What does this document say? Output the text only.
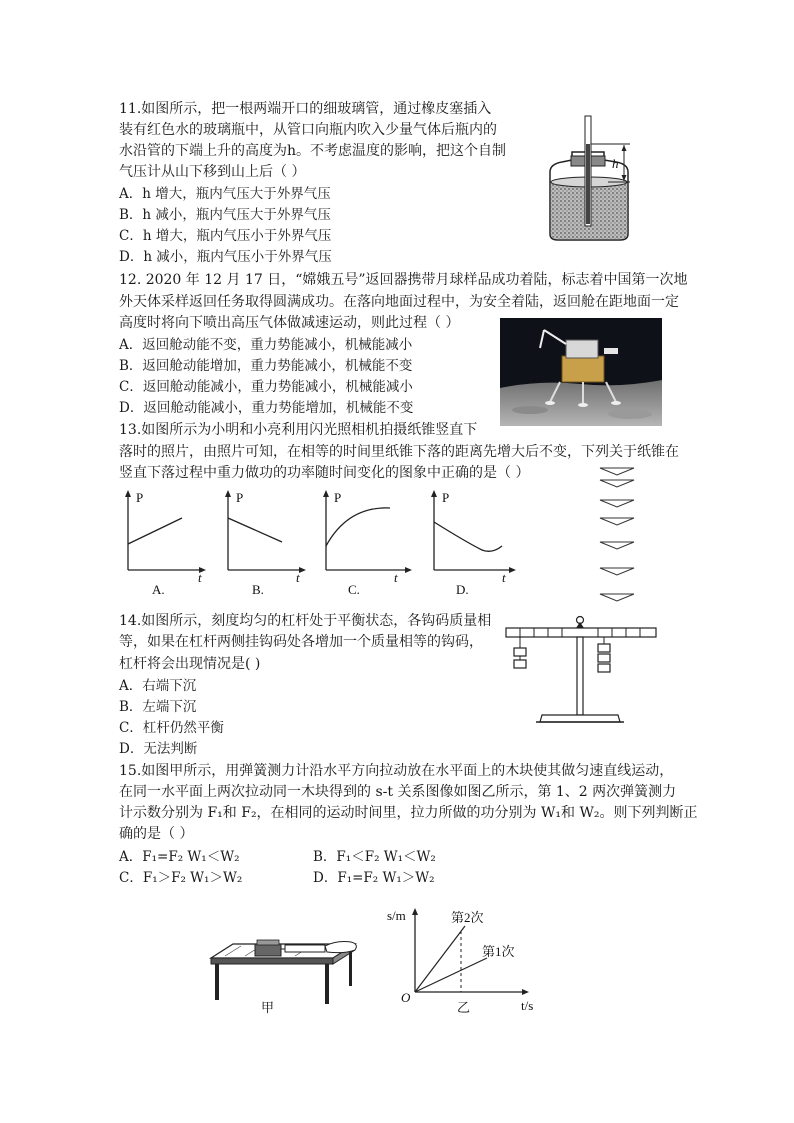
11.如图所示，把一根两端开口的细玻璃管，通过橡皮塞插入
装有红色水的玻璃瓶中，从管口向瓶内吹入少量气体后瓶内的
水沿管的下端上升的高度为h。不考虑温度的影响，把这个自制
气压计从山下移到山上后（ ）
A．h 增大，瓶内气压大于外界气压
B．h 减小，瓶内气压大于外界气压
C．h 增大，瓶内气压小于外界气压
D．h 减小，瓶内气压小于外界气压
h
12. 2020 年 12 月 17 日，“嫦娥五号”返回器携带月球样品成功着陆，标志着中国第一次地
外天体采样返回任务取得圆满成功。在落向地面过程中，为安全着陆，返回舱在距地面一定
高度时将向下喷出高压气体做减速运动，则此过程（ ）
A．返回舱动能不变，重力势能减小，机械能减小
B．返回舱动能增加，重力势能减小，机械能不变
C．返回舱动能减小，重力势能减小，机械能减小
D．返回舱动能减小，重力势能增加，机械能不变
13.如图所示为小明和小亮利用闪光照相机拍摄纸锥竖直下
落时的照片，由照片可知，在相等的时间里纸锥下落的距离先增大后不变，下列关于纸锥在
竖直下落过程中重力做功的功率随时间变化的图象中正确的是（ ）
P
t
A.
P
t
B.
P
t
C.
P
t
D.
14.如图所示，刻度均匀的杠杆处于平衡状态，各钩码质量相
等，如果在杠杆两侧挂钩码处各增加一个质量相等的钩码，
杠杆将会出现情况是( )
A．右端下沉
B．左端下沉
C．杠杆仍然平衡
D．无法判断
15.如图甲所示，用弹簧测力计沿水平方向拉动放在水平面上的木块使其做匀速直线运动，
在同一水平面上两次拉动同一木块得到的 s-t 关系图像如图乙所示，第 1、2 两次弹簧测力
计示数分别为 F₁和 F₂，在相同的运动时间里，拉力所做的功分别为 W₁和 W₂。则下列判断正
确的是（ ）
A．F₁=F₂ W₁＜W₂	B．F₁＜F₂ W₁＜W₂
C．F₁＞F₂ W₁＞W₂	D．F₁=F₂ W₁＞W₂
甲
s/m
t/s
O
第2次
第1次
乙
